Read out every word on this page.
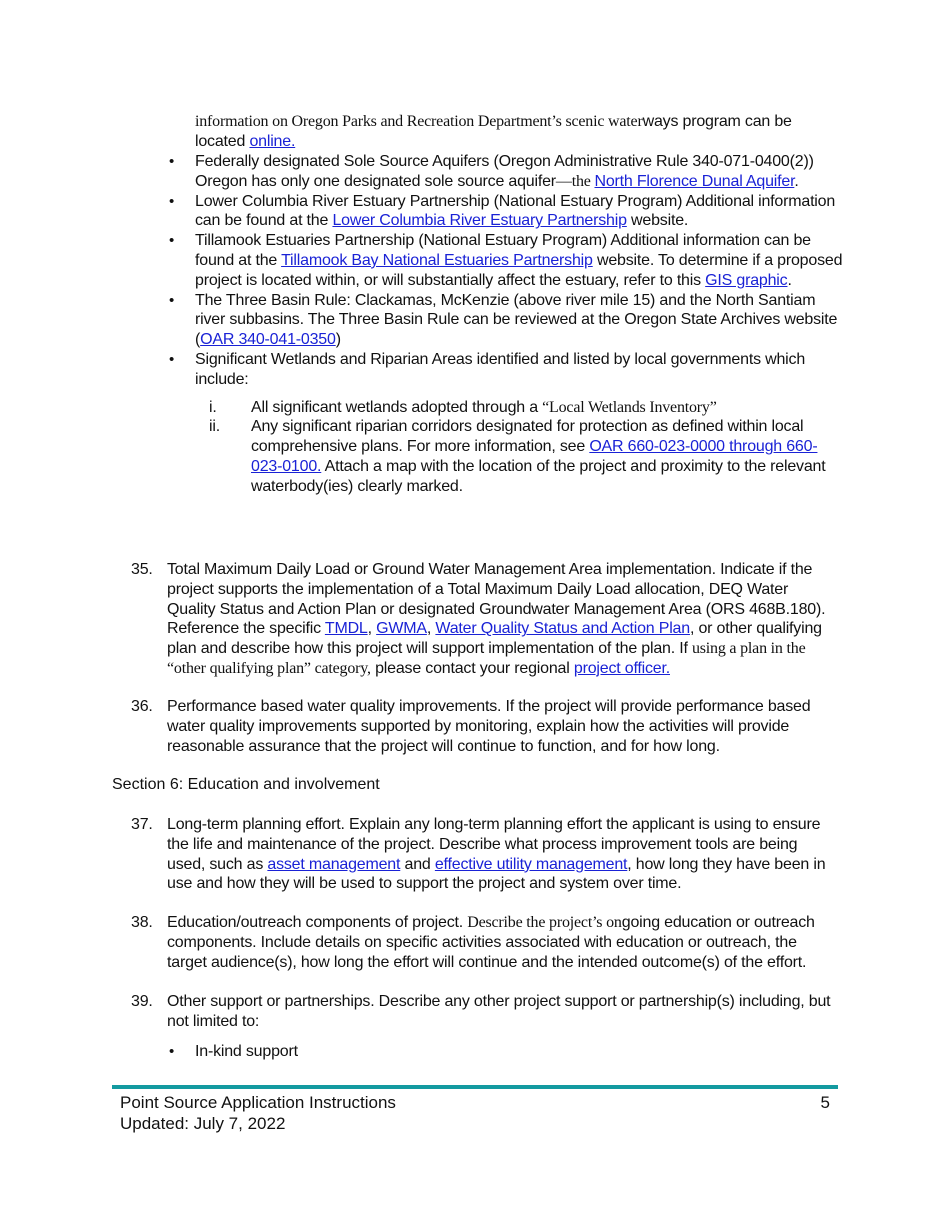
information on Oregon Parks and Recreation Department’s scenic waterways program can be located online.
• Federally designated Sole Source Aquifers (Oregon Administrative Rule 340-071-0400(2)) Oregon has only one designated sole source aquifer—the North Florence Dunal Aquifer.
• Lower Columbia River Estuary Partnership (National Estuary Program) Additional information can be found at the Lower Columbia River Estuary Partnership website.
• Tillamook Estuaries Partnership (National Estuary Program) Additional information can be found at the Tillamook Bay National Estuaries Partnership website. To determine if a proposed project is located within, or will substantially affect the estuary, refer to this GIS graphic.
• The Three Basin Rule: Clackamas, McKenzie (above river mile 15) and the North Santiam river subbasins. The Three Basin Rule can be reviewed at the Oregon State Archives website (OAR 340-041-0350)
• Significant Wetlands and Riparian Areas identified and listed by local governments which include:
i.	All significant wetlands adopted through a “Local Wetlands Inventory”
ii.	Any significant riparian corridors designated for protection as defined within local comprehensive plans. For more information, see OAR 660-023-0000 through 660-023-0100. Attach a map with the location of the project and proximity to the relevant waterbody(ies) clearly marked.
35. Total Maximum Daily Load or Ground Water Management Area implementation. Indicate if the project supports the implementation of a Total Maximum Daily Load allocation, DEQ Water Quality Status and Action Plan or designated Groundwater Management Area (ORS 468B.180). Reference the specific TMDL, GWMA, Water Quality Status and Action Plan, or other qualifying plan and describe how this project will support implementation of the plan. If using a plan in the “other qualifying plan” category, please contact your regional project officer.
36. Performance based water quality improvements. If the project will provide performance based water quality improvements supported by monitoring, explain how the activities will provide reasonable assurance that the project will continue to function, and for how long.
Section 6: Education and involvement
37. Long-term planning effort. Explain any long-term planning effort the applicant is using to ensure the life and maintenance of the project. Describe what process improvement tools are being used, such as asset management and effective utility management, how long they have been in use and how they will be used to support the project and system over time.
38. Education/outreach components of project. Describe the project’s ongoing education or outreach components. Include details on specific activities associated with education or outreach, the target audience(s), how long the effort will continue and the intended outcome(s) of the effort.
39. Other support or partnerships. Describe any other project support or partnership(s) including, but not limited to:
• In-kind support
Point Source Application Instructions
Updated: July 7, 2022
5
